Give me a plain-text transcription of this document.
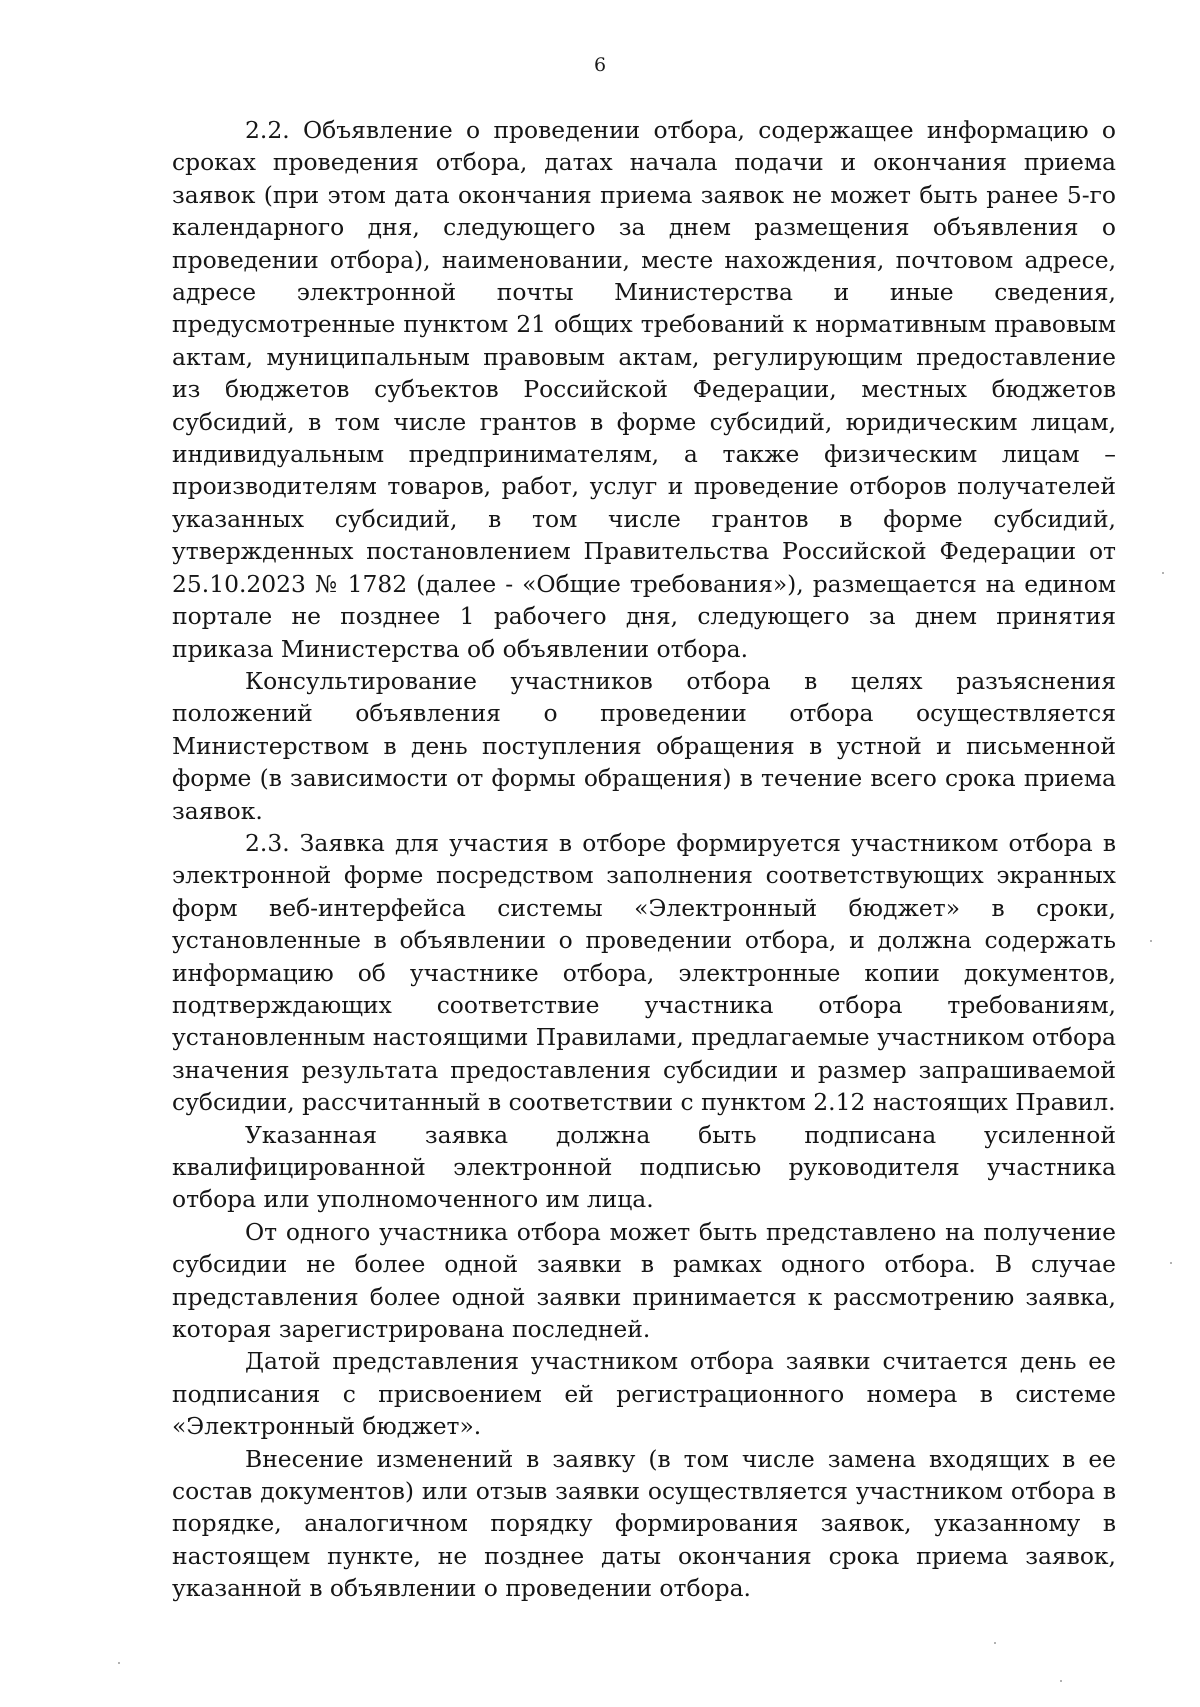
6

2.2. Объявление о проведении отбора, содержащее информацию о сроках проведения отбора, датах начала подачи и окончания приема заявок (при этом дата окончания приема заявок не может быть ранее 5-го календарного дня, следующего за днем размещения объявления о проведении отбора), наименовании, месте нахождения, почтовом адресе, адресе электронной почты Министерства и иные сведения, предусмотренные пунктом 21 общих требований к нормативным правовым актам, муниципальным правовым актам, регулирующим предоставление из бюджетов субъектов Российской Федерации, местных бюджетов субсидий, в том числе грантов в форме субсидий, юридическим лицам, индивидуальным предпринимателям, а также физическим лицам – производителям товаров, работ, услуг и проведение отборов получателей указанных субсидий, в том числе грантов в форме субсидий, утвержденных постановлением Правительства Российской Федерации от 25.10.2023 № 1782 (далее - «Общие требования»), размещается на едином портале не позднее 1 рабочего дня, следующего за днем принятия приказа Министерства об объявлении отбора.

Консультирование участников отбора в целях разъяснения положений объявления о проведении отбора осуществляется Министерством в день поступления обращения в устной и письменной форме (в зависимости от формы обращения) в течение всего срока приема заявок.

2.3. Заявка для участия в отборе формируется участником отбора в электронной форме посредством заполнения соответствующих экранных форм веб-интерфейса системы «Электронный бюджет» в сроки, установленные в объявлении о проведении отбора, и должна содержать информацию об участнике отбора, электронные копии документов, подтверждающих соответствие участника отбора требованиям, установленным настоящими Правилами, предлагаемые участником отбора значения результата предоставления субсидии и размер запрашиваемой субсидии, рассчитанный в соответствии с пунктом 2.12 настоящих Правил.

Указанная заявка должна быть подписана усиленной квалифицированной электронной подписью руководителя участника отбора или уполномоченного им лица.

От одного участника отбора может быть представлено на получение субсидии не более одной заявки в рамках одного отбора. В случае представления более одной заявки принимается к рассмотрению заявка, которая зарегистрирована последней.

Датой представления участником отбора заявки считается день ее подписания с присвоением ей регистрационного номера в системе «Электронный бюджет».

Внесение изменений в заявку (в том числе замена входящих в ее состав документов) или отзыв заявки осуществляется участником отбора в порядке, аналогичном порядку формирования заявок, указанному в настоящем пункте, не позднее даты окончания срока приема заявок, указанной в объявлении о проведении отбора.
